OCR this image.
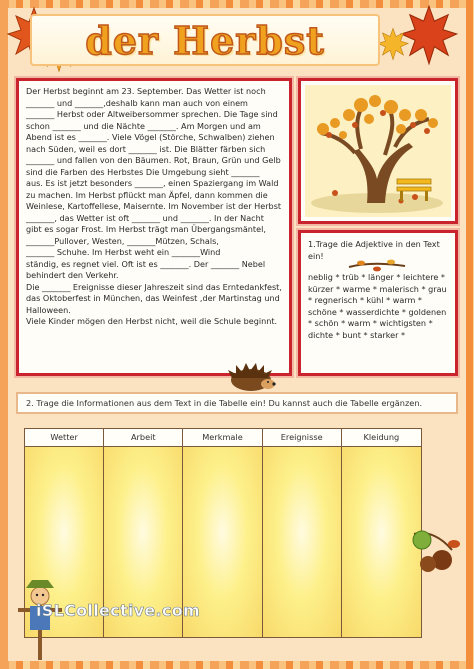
der Herbst

Der Herbst beginnt am 23. September. Das Wetter ist noch

_______ und _______,deshalb kann man auch von einem

_______ Herbst oder Altweibersommer sprechen. Die Tage sind

schon _______ und die Nächte _______. Am Morgen und am

Abend ist es _______. Viele Vögel (Störche, Schwalben) ziehen

nach Süden, weil es dort _______ ist. Die Blätter färben sich

_______ und fallen von den Bäumen. Rot, Braun, Grün und Gelb

sind die Farben des Herbstes Die Umgebung sieht _______

aus. Es ist jetzt besonders _______, einen Spaziergang im Wald

zu machen. Im Herbst pflückt man Äpfel, dann kommen die

Weinlese, Kartoffellese, Maisernte. Im November ist der Herbst

_______, das Wetter ist oft _______ und _______. In der Nacht

gibt es sogar Frost. Im Herbst trägt man Übergangsmäntel,

_______Pullover, Westen, _______Mützen, Schals,

_______ Schuhe. Im Herbst weht ein _______Wind

ständig, es regnet viel. Oft ist es _______. Der _______ Nebel

behindert den Verkehr.

Die _______ Ereignisse dieser Jahreszeit sind das Erntedankfest,

das Oktoberfest in München, das Weinfest ,der Martinstag und

Halloween.

Viele Kinder mögen den Herbst nicht, weil die Schule beginnt.

1.Trage die Adjektive in den Text ein!

neblig * trüb * länger * leichtere * kürzer * warme * malerisch * grau * regnerisch * kühl * warm * schöne * wasserdichte * goldenen * schön * warm * wichtigsten * dichte * bunt * starker *

2. Trage die Informationen aus dem Text in die Tabelle ein! Du kannst auch die Tabelle ergänzen.
Wetter	Arbeit	Merkmale	Ereignisse	Kleidung
iSLCollective.com
